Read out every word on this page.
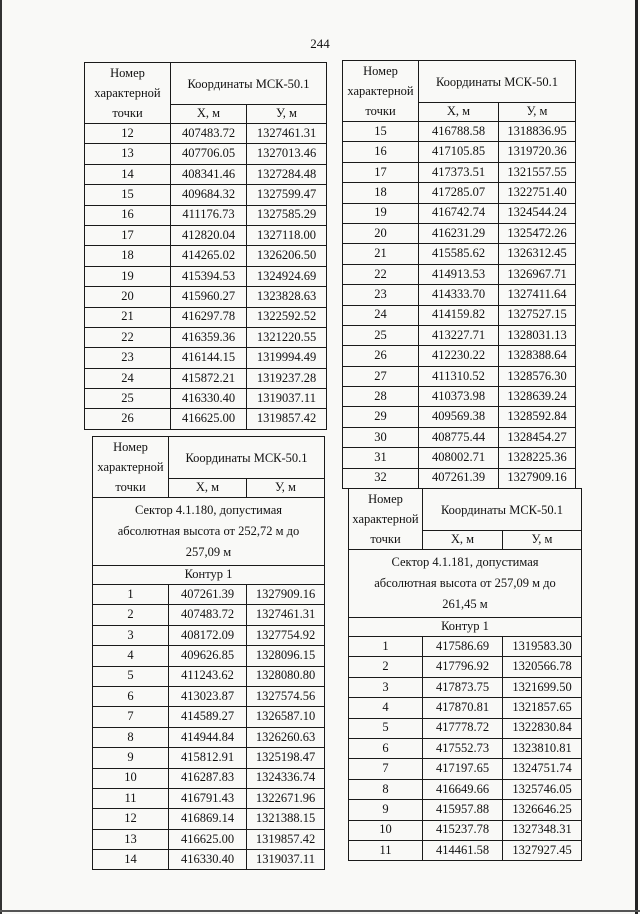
244
Номер характерной точки	Координаты МСК-50.1	
	Х, м	У, м
12	407483.72	1327461.31
13	407706.05	1327013.46
14	408341.46	1327284.48
15	409684.32	1327599.47
16	411176.73	1327585.29
17	412820.04	1327118.00
18	414265.02	1326206.50
19	415394.53	1324924.69
20	415960.27	1323828.63
21	416297.78	1322592.52
22	416359.36	1321220.55
23	416144.15	1319994.49
24	415872.21	1319237.28
25	416330.40	1319037.11
26	416625.00	1319857.42
Номер характерной точки	Координаты МСК-50.1	
	Х, м	У, м
15	416788.58	1318836.95
16	417105.85	1319720.36
17	417373.51	1321557.55
18	417285.07	1322751.40
19	416742.74	1324544.24
20	416231.29	1325472.26
21	415585.62	1326312.45
22	414913.53	1326967.71
23	414333.70	1327411.64
24	414159.82	1327527.15
25	413227.71	1328031.13
26	412230.22	1328388.64
27	411310.52	1328576.30
28	410373.98	1328639.24
29	409569.38	1328592.84
30	408775.44	1328454.27
31	408002.71	1328225.36
32	407261.39	1327909.16
Номер характерной точки	Координаты МСК-50.1	
	Х, м	У, м
Сектор 4.1.180, допустимая абсолютная высота от 252,72 м до 257,09 м		
Контур 1		
1	407261.39	1327909.16
2	407483.72	1327461.31
3	408172.09	1327754.92
4	409626.85	1328096.15
5	411243.62	1328080.80
6	413023.87	1327574.56
7	414589.27	1326587.10
8	414944.84	1326260.63
9	415812.91	1325198.47
10	416287.83	1324336.74
11	416791.43	1322671.96
12	416869.14	1321388.15
13	416625.00	1319857.42
14	416330.40	1319037.11
Номер характерной точки	Координаты МСК-50.1	
	Х, м	У, м
Сектор 4.1.181, допустимая абсолютная высота от 257,09 м до 261,45 м		
Контур 1		
1	417586.69	1319583.30
2	417796.92	1320566.78
3	417873.75	1321699.50
4	417870.81	1321857.65
5	417778.72	1322830.84
6	417552.73	1323810.81
7	417197.65	1324751.74
8	416649.66	1325746.05
9	415957.88	1326646.25
10	415237.78	1327348.31
11	414461.58	1327927.45
